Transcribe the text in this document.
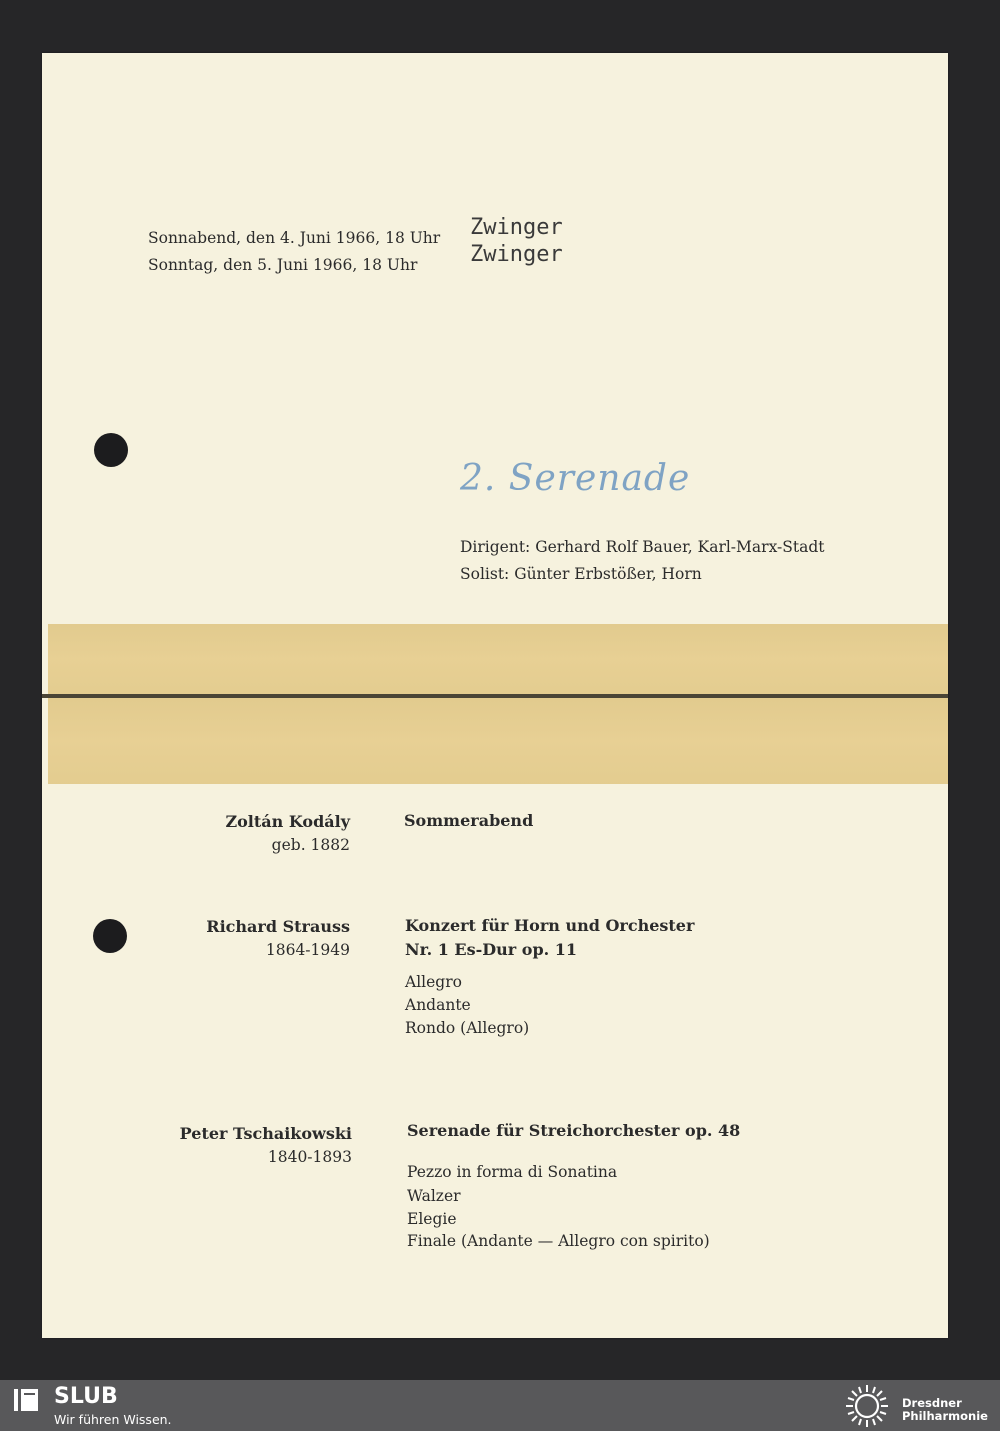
Sonnabend, den 4. Juni 1966, 18 Uhr
Sonntag, den 5. Juni 1966, 18 Uhr
Zwinger
Zwinger
2. Serenade
Dirigent: Gerhard Rolf Bauer, Karl-Marx-Stadt
Solist: Günter Erbstößer, Horn
Zoltán Kodály
geb. 1882
Sommerabend
Richard Strauss
1864-1949
Konzert für Horn und Orchester
Nr. 1 Es-Dur op. 11
Allegro
Andante
Rondo (Allegro)
Peter Tschaikowski
1840-1893
Serenade für Streichorchester op. 48
Pezzo in forma di Sonatina
Walzer
Elegie
Finale (Andante — Allegro con spirito)
SLUB
Wir führen Wissen.
Dresdner
Philharmonie
